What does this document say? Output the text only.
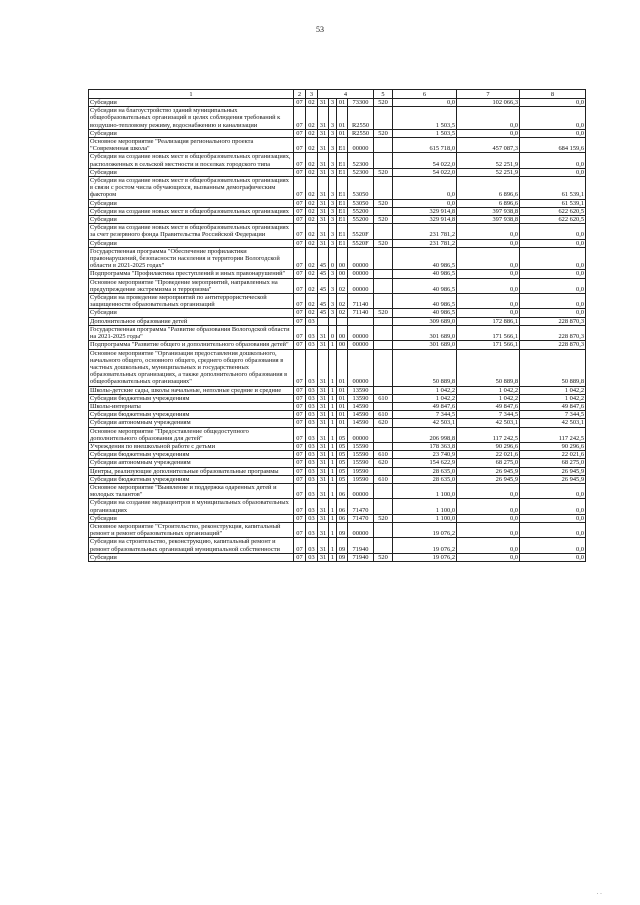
53
1	2	3	4				5	6	7	8
Субсидии	07	02	31	3	01	73300	520	0,0	102 066,3	0,0
Субсидии на благоустройство зданий муниципальных общеобразовательных организаций в целях соблюдения требований к воздушно-тепловому режиму, водоснабжению и канализации	07	02	31	3	01	R2550		1 503,5	0,0	0,0
Субсидии	07	02	31	3	01	R2550	520	1 503,5	0,0	0,0
Основное мероприятие "Реализация регионального проекта "Современная школа"	07	02	31	3	E1	00000		615 718,0	457 087,3	684 159,6
Субсидии на создание новых мест в общеобразовательных организациях, расположенных в сельской местности и поселках городского типа	07	02	31	3	E1	52300		54 022,0	52 251,9	0,0
Субсидии	07	02	31	3	E1	52300	520	54 022,0	52 251,9	0,0
Субсидии на создание новых мест в общеобразовательных организациях в связи с ростом числа обучающихся, вызванным демографическим фактором	07	02	31	3	E1	53050		0,0	6 896,6	61 539,1
Субсидии	07	02	31	3	E1	53050	520	0,0	6 896,6	61 539,1
Субсидии на создание новых мест в общеобразовательных организациях	07	02	31	3	E1	55200		329 914,8	397 938,8	622 620,5
Субсидии	07	02	31	3	E1	55200	520	329 914,8	397 938,8	622 620,5
Субсидии на создание новых мест в общеобразовательных организациях за счет резервного фонда Правительства Российской Федерации	07	02	31	3	E1	5520F		231 781,2	0,0	0,0
Субсидии	07	02	31	3	E1	5520F	520	231 781,2	0,0	0,0
Государственная программа "Обеспечение профилактики правонарушений, безопасности населения и территории Вологодской области в 2021-2025 годах"	07	02	45	0	00	00000		40 986,5	0,0	0,0
Подпрограмма "Профилактика преступлений и иных правонарушений"	07	02	45	3	00	00000		40 986,5	0,0	0,0
Основное мероприятие "Проведение мероприятий, направленных на предупреждение экстремизма и терроризма"	07	02	45	3	02	00000		40 986,5	0,0	0,0
Субсидии на проведение мероприятий по антитеррористической защищенности образовательных организаций	07	02	45	3	02	71140		40 986,5	0,0	0,0
Субсидии	07	02	45	3	02	71140	520	40 986,5	0,0	0,0
Дополнительное образование детей	07	03						309 689,0	172 886,1	228 870,3
Государственная программа "Развитие образования Вологодской области на 2021-2025 годы"	07	03	31	0	00	00000		301 689,0	171 566,1	228 870,3
Подпрограмма "Развитие общего и дополнительного образования детей"	07	03	31	1	00	00000		301 689,0	171 566,1	228 870,3
Основное мероприятие "Организация предоставления дошкольного, начального общего, основного общего, среднего общего образования в частных дошкольных, муниципальных и государственных образовательных организациях, а также дополнительного образования в общеобразовательных организациях"	07	03	31	1	01	00000		50 889,8	50 889,8	50 889,8
Школы-детские сады, школы начальные, неполные средние и средние	07	03	31	1	01	13590		1 042,2	1 042,2	1 042,2
Субсидии бюджетным учреждениям	07	03	31	1	01	13590	610	1 042,2	1 042,2	1 042,2
Школы-интернаты	07	03	31	1	01	14590		49 847,6	49 847,6	49 847,6
Субсидии бюджетным учреждениям	07	03	31	1	01	14590	610	7 344,5	7 344,5	7 344,5
Субсидии автономным учреждениям	07	03	31	1	01	14590	620	42 503,1	42 503,1	42 503,1
Основное мероприятие "Предоставление общедоступного дополнительного образования для детей"	07	03	31	1	05	00000		206 998,8	117 242,5	117 242,5
Учреждения по внешкольной работе с детьми	07	03	31	1	05	15590		178 363,8	90 296,6	90 296,6
Субсидии бюджетным учреждениям	07	03	31	1	05	15590	610	23 740,9	22 021,6	22 021,6
Субсидии автономным учреждениям	07	03	31	1	05	15590	620	154 622,9	68 275,0	68 275,0
Центры, реализующие дополнительные образовательные программы	07	03	31	1	05	19590		28 635,0	26 945,9	26 945,9
Субсидии бюджетным учреждениям	07	03	31	1	05	19590	610	28 635,0	26 945,9	26 945,9
Основное мероприятие "Выявление и поддержка одаренных детей и молодых талантов"	07	03	31	1	06	00000		1 100,0	0,0	0,0
Субсидии на создание медиацентров в муниципальных образовательных организациях	07	03	31	1	06	71470		1 100,0	0,0	0,0
Субсидии	07	03	31	1	06	71470	520	1 100,0	0,0	0,0
Основное мероприятие "Строительство, реконструкция, капитальный ремонт и ремонт образовательных организаций"	07	03	31	1	09	00000		19 076,2	0,0	0,0
Субсидии на строительство, реконструкцию, капитальный ремонт и ремонт образовательных организаций муниципальной собственности	07	03	31	1	09	71940		19 076,2	0,0	0,0
Субсидии	07	03	31	1	09	71940	520	19 076,2	0,0	0,0
· ·
